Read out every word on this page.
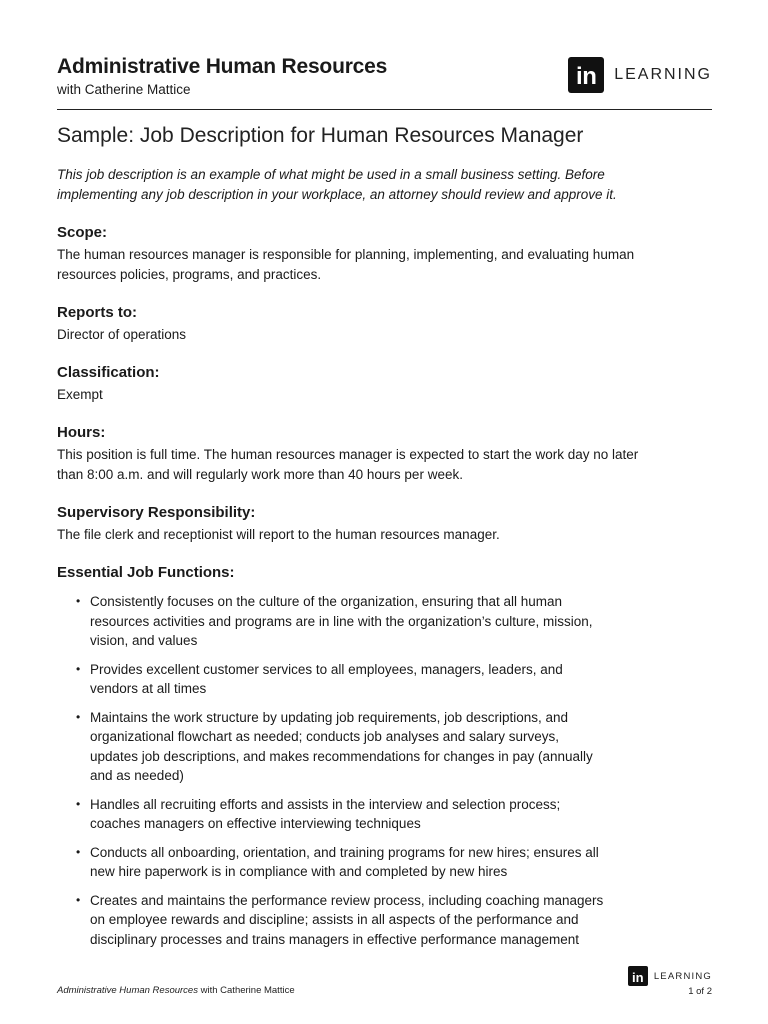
Administrative Human Resources
with Catherine Mattice	in	LEARNING
Sample: Job Description for Human Resources Manager

This job description is an example of what might be used in a small business setting. Before implementing any job description in your workplace, an attorney should review and approve it.

Scope:

The human resources manager is responsible for planning, implementing, and evaluating human resources policies, programs, and practices.

Reports to:

Director of operations

Classification:

Exempt

Hours:

This position is full time. The human resources manager is expected to start the work day no later than 8:00 a.m. and will regularly work more than 40 hours per week.

Supervisory Responsibility:

The file clerk and receptionist will report to the human resources manager.

Essential Job Functions:
• Consistently focuses on the culture of the organization, ensuring that all human resources activities and programs are in line with the organization’s culture, mission, vision, and values
• Provides excellent customer services to all employees, managers, leaders, and vendors at all times
• Maintains the work structure by updating job requirements, job descriptions, and organizational flowchart as needed; conducts job analyses and salary surveys, updates job descriptions, and makes recommendations for changes in pay (annually and as needed)
• Handles all recruiting efforts and assists in the interview and selection process; coaches managers on effective interviewing techniques
• Conducts all onboarding, orientation, and training programs for new hires; ensures all new hire paperwork is in compliance with and completed by new hires
• Creates and maintains the performance review process, including coaching managers on employee rewards and discipline; assists in all aspects of the performance and disciplinary processes and trains managers in effective performance management
Administrative Human Resources with Catherine Mattice
in	LEARNING
1 of 2
